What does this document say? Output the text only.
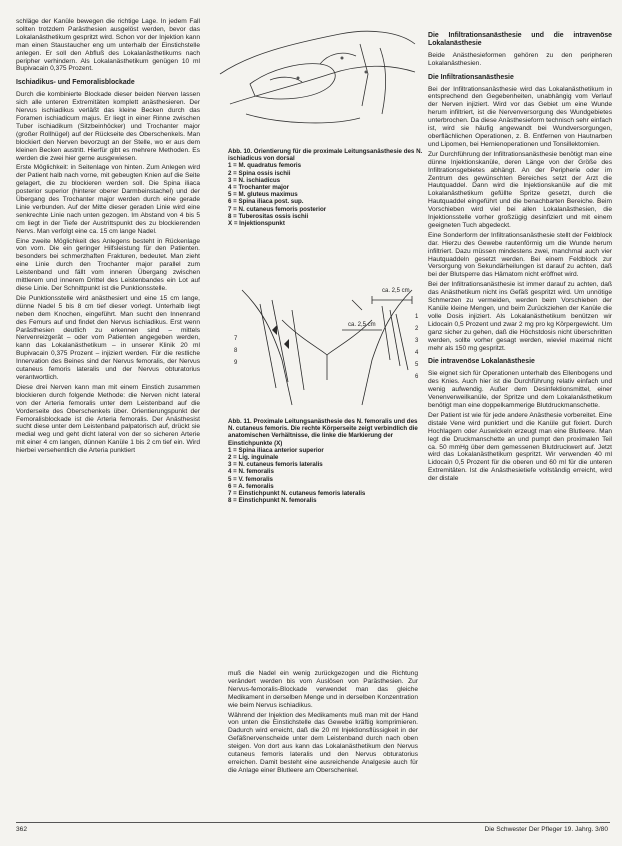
schläge der Kanüle bewegen die richtige Lage. In jedem Fall sollten trotzdem Parästhesien ausgelöst werden, bevor das Lokalanästhetikum gespritzt wird. Schon vor der Injektion kann man einen Staustaucher eng um unterhalb der Einstichstelle anlegen. Er soll den Abfluß des Lokalanästhetikums nach peripher verhindern. Als Lokalanästhetikum genügen 10 ml Bupivacain 0,375 Prozent.

Ischiadikus- und Femoralisblockade

Durch die kombinierte Blockade dieser beiden Nerven lassen sich alle unteren Extremitäten komplett anästhesieren. Der Nervus ischiadikus verläßt das kleine Becken durch das Foramen ischiadicum majus. Er liegt in einer Rinne zwischen Tuber ischiadikum (Sitzbeinhöcker) und Trochanter major (großer Rollhügel) auf der Rückseite des Oberschenkels. Man blockiert den Nerven bevorzugt an der Stelle, wo er aus dem kleinen Becken austritt. Hierfür gibt es mehrere Methoden. Es werden die zwei hier gerne ausgewiesen.

Erste Möglichkeit: in Seitenlage von hinten. Zum Anlegen wird der Patient halb nach vorne, mit gebeugten Knien auf die Seite gelagert, die zu blockieren werden soll. Die Spina iliaca posterior superior (hinterer oberer Darmbeinstachel) und der Übergang des Trochanter major werden durch eine gerade Linie verbunden. Auf der Mitte dieser geraden Linie wird eine senkrechte Linie nach unten gezogen. Im Abstand von 4 bis 5 cm liegt in der Tiefe der Austrittspunkt des zu blockierenden Nervs. Man verfolgt eine ca. 15 cm lange Nadel.

Eine zweite Möglichkeit des Anlegens besteht in Rückenlage von vorn. Die ein geringer Hilfsleistung für den Patienten. besonders bei schmerzhaften Frakturen, bedeutet. Man zieht eine Linie durch den Trochanter major parallel zum Leistenband und fällt vom inneren Übergang zwischen mittlerem und innerem Drittel des Leistenbandes ein Lot auf diese Linie. Der Schnittpunkt ist die Punktionsstelle.

Die Punktionsstelle wird anästhesiert und eine 15 cm lange, dünne Nadel 5 bis 8 cm tief dieser vorlegt. Unterhalb liegt neben dem Knochen, eingeführt. Man sucht den Innenrand des Femurs auf und findet den Nervus ischiadikus. Erst wenn Parästhesien deutlich zu erkennen sind – mittels Nervenreizgerät – oder vom Patienten angegeben werden, kann das Lokalanästhetikum – in unserer Klinik 20 ml Bupivacain 0,375 Prozent – injiziert werden. Für die restliche Innervation des Beines sind der Nervus femoralis, der Nervus cutaneus femoris lateralis und der Nervus obturatorius verantwortlich.

Diese drei Nerven kann man mit einem Einstich zusammen blockieren durch folgende Methode: die Nerven nicht lateral von der Arteria femoralis unter dem Leistenband auf die Vorderseite des Oberschenkels über. Orientierungspunkt der Femoralisblockade ist die Arteria femoralis. Der Anästhesist sucht diese unter dem Leistenband palpatorisch auf, drückt sie medial weg und geht dicht lateral von der so sicheren Arterie mit einer 4 cm langen, dünnen Kanüle 1 bis 2 cm tief ein. Wird hierbei versehentlich die Arteria punktiert

Abb. 10. Orientierung für die proximale Leitungsanästhesie des N. ischiadicus von dorsal
1 = M. quadratus femoris
2 = Spina ossis ischii
3 = N. ischiadicus
4 = Trochanter major
5 = M. gluteus maximus
6 = Spina iliaca post. sup.
7 = N. cutaneus femoris posterior
8 = Tuberositas ossis ischii
X = Injektionspunkt
ca. 2,5 cm
ca. 2,5 cm
1
2
3
4
5
6
7
8
9
Abb. 11. Proximale Leitungsanästhesie des N. femoralis und des N. cutaneus femoris. Die rechte Körperseite zeigt verbindlich die anatomischen Verhältnisse, die linke die Markierung der Einstichpunkte (X)
1 = Spina iliaca anterior superior
2 = Lig. inguinale
3 = N. cutaneus femoris lateralis
4 = N. femoralis
5 = V. femoralis
6 = A. femoralis
7 = Einstichpunkt N. cutaneus femoris lateralis
8 = Einstichpunkt N. femoralis

muß die Nadel ein wenig zurückgezogen und die Richtung verändert werden bis vom Auslösen von Parästhesien. Zur Nervus-femoralis-Blockade verwendet man das gleiche Medikament in derselben Menge und in derselben Konzentration wie beim Nervus ischiadikus.

Während der Injektion des Medikaments muß man mit der Hand von unten die Einstichstelle das Gewebe kräftig komprimieren. Dadurch wird erreicht, daß die 20 ml Injektionsflüssigkeit in der Gefäßnervenscheide unter dem Leistenband durch nach oben steigen. Von dort aus kann das Lokalanästhetikum den Nervus cutaneus femoris lateralis und den Nervus obturatorius erreichen. Damit besteht eine ausreichende Analgesie auch für die Anlage einer Blutleere am Oberschenkel.

Die Infiltrationsanästhesie und die intravenöse Lokalanästhesie

Beide Anästhesieformen gehören zu den peripheren Lokalanästhesien.

Die Infiltrationsanästhesie

Bei der Infiltrationsanästhesie wird das Lokalanästhetikum in entsprechend den Gegebenheiten, unabhängig vom Verlauf der Nerven injiziert. Wird vor das Gebiet um eine Wunde herum infiltriert, ist die Nervenversorgung des Wundgebietes unterbrochen. Da diese Anästhesieform technisch sehr einfach ist, wird sie häufig angewandt bei Wundversorgungen, oberflächlichen Operationen, z. B. Entfernen von Hautnarben und Lipomen, bei Hernienoperationen und Tonsillektomien.

Zur Durchführung der Infiltrationsanästhesie benötigt man eine dünne Injektionskanüle, deren Länge von der Größe des Infiltrationsgebietes abhängt. An der Peripherie oder im Zentrum des gewünschten Bereiches setzt der Arzt die Hautquaddel. Dann wird die Injektionskanüle auf die mit Lokalanästhetikum gefüllte Spritze gesetzt, durch die Hautquaddel eingeführt und die benachbarten Bereiche. Beim Vorschieben wird viel bei allen Lokalanästhesien, die Injektionsstelle vorher großzügig desinfiziert und mit einem geeigneten Tuch abgedeckt.

Eine Sonderform der Infiltrationsanästhesie stellt der Feldblock dar. Hierzu des Gewebe rautenförmig um die Wunde herum infiltriert. Dazu müssen mindestens zwei, manchmal auch vier Hautquaddeln gesetzt werden. Bei einem Feldblock zur Versorgung von Sekundärheilungen ist darauf zu achten, daß bei der Blutsperre das Hämatom nicht eröffnet wird.

Bei der Infiltrationsanästhesie ist immer darauf zu achten, daß das Anästhetikum nicht ins Gefäß gespritzt wird. Um unnötige Schmerzen zu vermeiden, werden beim Vorschieben der Kanüle kleine Mengen, und beim Zurückziehen der Kanüle die volle Dosis injiziert. Als Lokalanästhetikum benützen wir Lidocain 0,5 Prozent und zwar 2 mg pro kg Körpergewicht. Um ganz sicher zu gehen, daß die Höchstdosis nicht überschritten werden, sollte vorher gesagt werden, wieviel maximal nicht mehr als 150 mg gespritzt.

Die intravenöse Lokalanästhesie

Sie eignet sich für Operationen unterhalb des Ellenbogens und des Knies. Auch hier ist die Durchführung relativ einfach und wenig aufwendig. Außer dem Desinfektionsmittel, einer Venenverweilkanüle, der Spritze und dem Lokalanästhetikum benötigt man eine doppelkammerige Blutdruckmanschette.

Der Patient ist wie für jede andere Anästhesie vorbereitet. Eine distale Vene wird punktiert und die Kanüle gut fixiert. Durch Hochlagern oder Auswickeln erzeugt man eine Blutleere. Man legt die Druckmanschette an und pumpt den proximalen Teil ca. 50 mmHg über dem gemessenen Blutdruckwert auf. Jetzt wird das Lokalanästhetikum gespritzt. Wir verwenden 40 ml Lidocain 0,5 Prozent für die oberen und 60 ml für die unteren Extremitäten. Ist die Anästhesietiefe vollständig erreicht, wird der distale

362	Die Schwester Der Pfleger 19. Jahrg. 3/80
